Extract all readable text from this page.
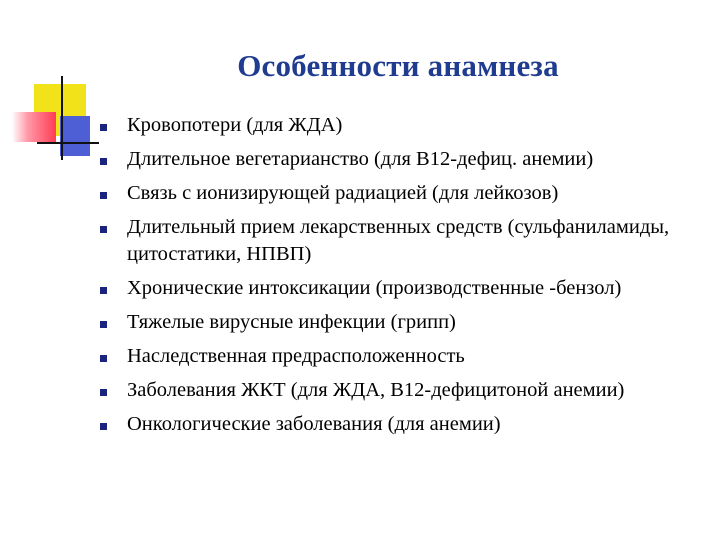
Особенности анамнеза
Кровопотери (для ЖДА)
Длительное вегетарианство (для В12-дефиц. анемии)
Связь с ионизирующей радиацией (для лейкозов)
Длительный прием лекарственных средств (сульфаниламиды, цитостатики, НПВП)
Хронические интоксикации (производственные -бензол)
Тяжелые вирусные инфекции (грипп)
Наследственная предрасположенность
Заболевания ЖКТ (для ЖДА, В12-дефицитоной анемии)
Онкологические заболевания (для анемии)
